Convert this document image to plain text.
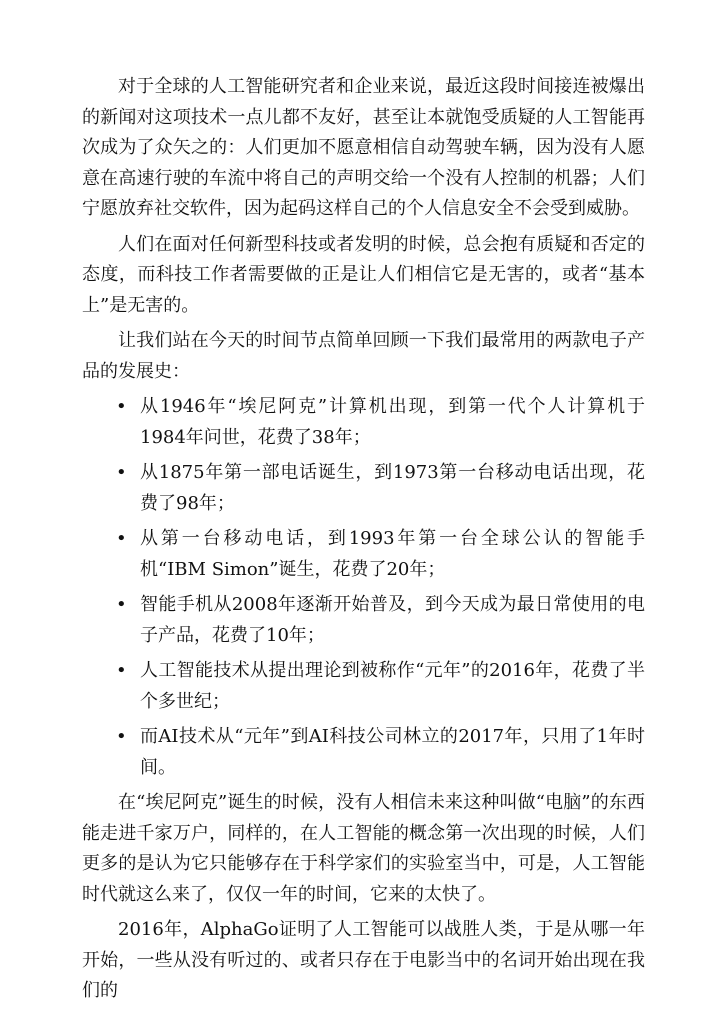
对于全球的人工智能研究者和企业来说，最近这段时间接连被爆出的新闻对这项技术一点儿都不友好，甚至让本就饱受质疑的人工智能再次成为了众矢之的：人们更加不愿意相信自动驾驶车辆，因为没有人愿意在高速行驶的车流中将自己的声明交给一个没有人控制的机器；人们宁愿放弃社交软件，因为起码这样自己的个人信息安全不会受到威胁。

人们在面对任何新型科技或者发明的时候，总会抱有质疑和否定的态度，而科技工作者需要做的正是让人们相信它是无害的，或者“基本上”是无害的。

让我们站在今天的时间节点简单回顾一下我们最常用的两款电子产品的发展史：

• 从1946年“埃尼阿克”计算机出现，到第一代个人计算机于1984年问世，花费了38年；
• 从1875年第一部电话诞生，到1973第一台移动电话出现，花费了98年；
• 从第一台移动电话，到1993年第一台全球公认的智能手机“IBM Simon”诞生，花费了20年；
• 智能手机从2008年逐渐开始普及，到今天成为最日常使用的电子产品，花费了10年；
• 人工智能技术从提出理论到被称作“元年”的2016年，花费了半个多世纪；
• 而AI技术从“元年”到AI科技公司林立的2017年，只用了1年时间。

在“埃尼阿克”诞生的时候，没有人相信未来这种叫做“电脑”的东西能走进千家万户，同样的，在人工智能的概念第一次出现的时候，人们更多的是认为它只能够存在于科学家们的实验室当中，可是，人工智能时代就这么来了，仅仅一年的时间，它来的太快了。

2016年，AlphaGo证明了人工智能可以战胜人类，于是从哪一年开始，一些从没有听过的、或者只存在于电影当中的名词开始出现在我们的
